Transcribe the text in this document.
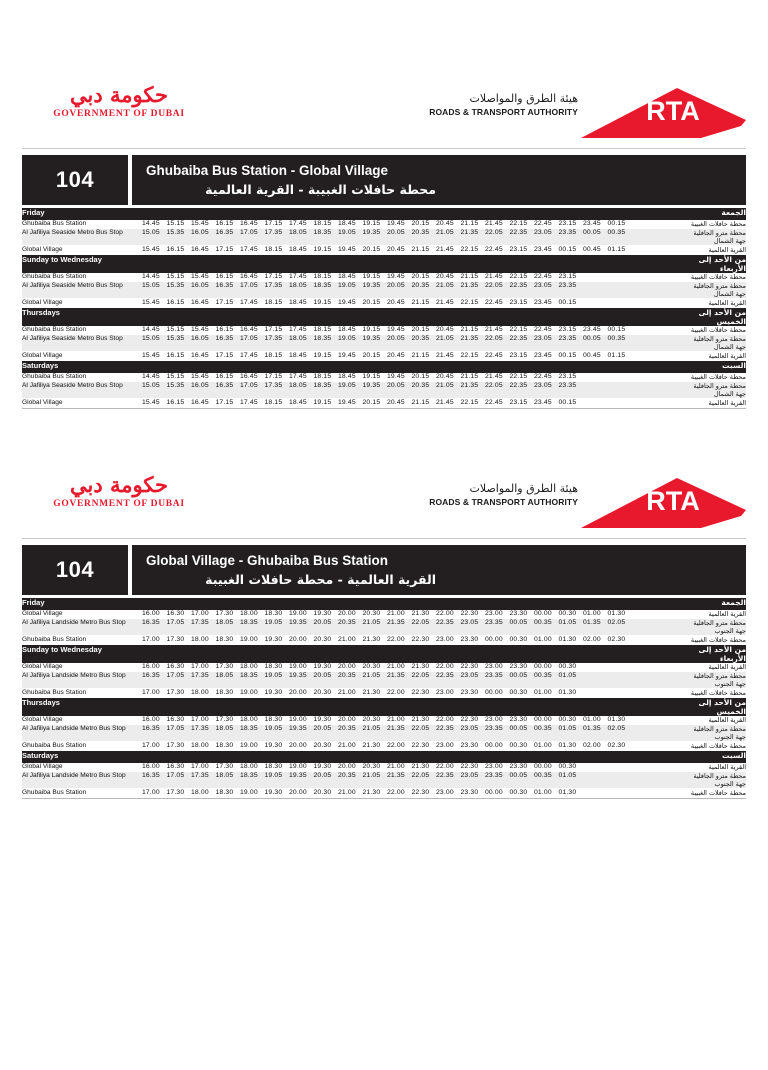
حكومة دبي
GOVERNMENT OF DUBAI
هيئة الطرق والمواصلات
ROADS & TRANSPORT AUTHORITY	RTA
104	Ghubaiba Bus Station - Global Village
محطة حافلات الغبيبة - القرية العالمية
Friday		الجمعة
Ghubaiba Bus Station	14.45 15.15 15.45 16.15 16.45 17.15 17.45 18.15 18.45 19.15 19.45 20.15 20.45 21.15 21.45 22.15 22.45 23.15 23.45 00.15	محطة حافلات الغبيبة
Al Jafiliya Seaside Metro Bus Stop	15.05 15.35 16.05 16.35 17.05 17.35 18.05 18.35 19.05 19.35 20.05 20.35 21.05 21.35 22.05 22.35 23.05 23.35 00.05 00.35	محطة مترو الجافلية جهة الشمال
Global Village	15.45 16.15 16.45 17.15 17.45 18.15 18.45 19.15 19.45 20.15 20.45 21.15 21.45 22.15 22.45 23.15 23.45 00.15 00.45 01.15	القرية العالمية
Sunday to Wednesday		من الأحد إلى الأربعاء
Ghubaiba Bus Station	14.45 15.15 15.45 16.15 16.45 17.15 17.45 18.15 18.45 19.15 19.45 20.15 20.45 21.15 21.45 22.15 22.45 23.15	محطة حافلات الغبيبة
Al Jafiliya Seaside Metro Bus Stop	15.05 15.35 16.05 16.35 17.05 17.35 18.05 18.35 19.05 19.35 20.05 20.35 21.05 21.35 22.05 22.35 23.05 23.35	محطة مترو الجافلية جهة الشمال
Global Village	15.45 16.15 16.45 17.15 17.45 18.15 18.45 19.15 19.45 20.15 20.45 21.15 21.45 22.15 22.45 23.15 23.45 00.15	القرية العالمية
Thursdays		من الأحد إلى الخميس
Ghubaiba Bus Station	14.45 15.15 15.45 16.15 16.45 17.15 17.45 18.15 18.45 19.15 19.45 20.15 20.45 21.15 21.45 22.15 22.45 23.15 23.45 00.15	محطة حافلات الغبيبة
Al Jafiliya Seaside Metro Bus Stop	15.05 15.35 16.05 16.35 17.05 17.35 18.05 18.35 19.05 19.35 20.05 20.35 21.05 21.35 22.05 22.35 23.05 23.35 00.05 00.35	محطة مترو الجافلية جهة الشمال
Global Village	15.45 16.15 16.45 17.15 17.45 18.15 18.45 19.15 19.45 20.15 20.45 21.15 21.45 22.15 22.45 23.15 23.45 00.15 00.45 01.15	القرية العالمية
Saturdays		السبت
Ghubaiba Bus Station	14.45 15.15 15.45 16.15 16.45 17.15 17.45 18.15 18.45 19.15 19.45 20.15 20.45 21.15 21.45 22.15 22.45 23.15	محطة حافلات الغبيبة
Al Jafiliya Seaside Metro Bus Stop	15.05 15.35 16.05 16.35 17.05 17.35 18.05 18.35 19.05 19.35 20.05 20.35 21.05 21.35 22.05 22.35 23.05 23.35	محطة مترو الجافلية جهة الشمال
Global Village	15.45 16.15 16.45 17.15 17.45 18.15 18.45 19.15 19.45 20.15 20.45 21.15 21.45 22.15 22.45 23.15 23.45 00.15	القرية العالمية
حكومة دبي
GOVERNMENT OF DUBAI
هيئة الطرق والمواصلات
ROADS & TRANSPORT AUTHORITY	RTA
104	Global Village - Ghubaiba Bus Station
القرية العالمية - محطة حافلات الغبيبة
Friday		الجمعة
Global Village	16.00 16.30 17.00 17.30 18.00 18.30 19.00 19.30 20.00 20.30 21.00 21.30 22.00 22.30 23.00 23.30 00.00 00.30 01.00 01.30	القرية العالمية
Al Jafiliya Landside Metro Bus Stop	16.35 17.05 17.35 18.05 18.35 19.05 19.35 20.05 20.35 21.05 21.35 22.05 22.35 23.05 23.35 00.05 00.35 01.05 01.35 02.05	محطة مترو الجافلية جهة الجنوب
Ghubaiba Bus Station	17.00 17.30 18.00 18.30 19.00 19.30 20.00 20.30 21.00 21.30 22.00 22.30 23.00 23.30 00.00 00.30 01.00 01.30 02.00 02.30	محطة حافلات الغبيبة
Sunday to Wednesday		من الأحد إلى الأربعاء
Global Village	16.00 16.30 17.00 17.30 18.00 18.30 19.00 19.30 20.00 20.30 21.00 21.30 22.00 22.30 23.00 23.30 00.00 00.30	القرية العالمية
Al Jafiliya Landside Metro Bus Stop	16.35 17.05 17.35 18.05 18.35 19.05 19.35 20.05 20.35 21.05 21.35 22.05 22.35 23.05 23.35 00.05 00.35 01.05	محطة مترو الجافلية جهة الجنوب
Ghubaiba Bus Station	17.00 17.30 18.00 18.30 19.00 19.30 20.00 20.30 21.00 21.30 22.00 22.30 23.00 23.30 00.00 00.30 01.00 01.30	محطة حافلات الغبيبة
Thursdays		من الأحد إلى الخميس
Global Village	16.00 16.30 17.00 17.30 18.00 18.30 19.00 19.30 20.00 20.30 21.00 21.30 22.00 22.30 23.00 23.30 00.00 00.30 01.00 01.30	القرية العالمية
Al Jafiliya Landside Metro Bus Stop	16.35 17.05 17.35 18.05 18.35 19.05 19.35 20.05 20.35 21.05 21.35 22.05 22.35 23.05 23.35 00.05 00.35 01.05 01.35 02.05	محطة مترو الجافلية جهة الجنوب
Ghubaiba Bus Station	17.00 17.30 18.00 18.30 19.00 19.30 20.00 20.30 21.00 21.30 22.00 22.30 23.00 23.30 00.00 00.30 01.00 01.30 02.00 02.30	محطة حافلات الغبيبة
Saturdays		السبت
Global Village	16.00 16.30 17.00 17.30 18.00 18.30 19.00 19.30 20.00 20.30 21.00 21.30 22.00 22.30 23.00 23.30 00.00 00.30	القرية العالمية
Al Jafiliya Landside Metro Bus Stop	16.35 17.05 17.35 18.05 18.35 19.05 19.35 20.05 20.35 21.05 21.35 22.05 22.35 23.05 23.35 00.05 00.35 01.05	محطة مترو الجافلية جهة الجنوب
Ghubaiba Bus Station	17.00 17.30 18.00 18.30 19.00 19.30 20.00 20.30 21.00 21.30 22.00 22.30 23.00 23.30 00.00 00.30 01.00 01.30	محطة حافلات الغبيبة
